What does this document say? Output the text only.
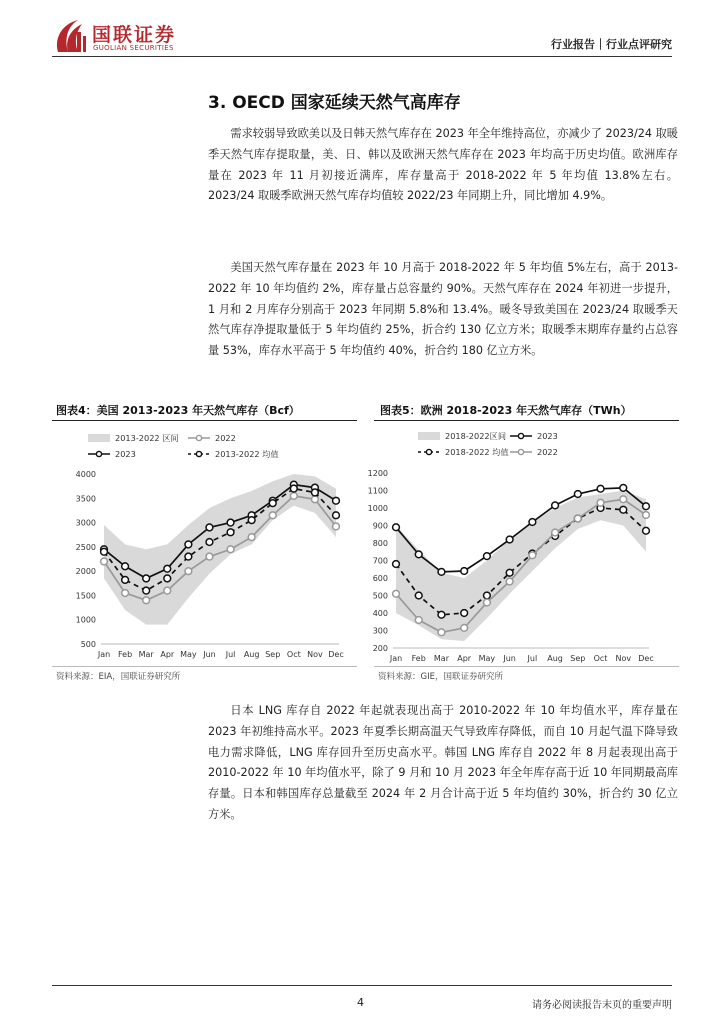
国联证券
GUOLIAN SECURITIES	行业报告｜行业点评研究
3. OECD 国家延续天然气高库存

需求较弱导致欧美以及日韩天然气库存在 2023 年全年维持高位，亦减少了 2023/24 取暖季天然气库存提取量，美、日、韩以及欧洲天然气库存在 2023 年均高于历史均值。欧洲库存量在 2023 年 11 月初接近满库，库存量高于 2018-2022 年 5 年均值 13.8%左右。2023/24 取暖季欧洲天然气库存均值较 2022/23 年同期上升，同比增加 4.9%。

美国天然气库存量在 2023 年 10 月高于 2018-2022 年 5 年均值 5%左右，高于 2013-2022 年 10 年均值约 2%，库存量占总容量约 90%。天然气库存在 2024 年初进一步提升，1 月和 2 月库存分别高于 2023 年同期 5.8%和 13.4%。暖冬导致美国在 2023/24 取暖季天然气库存净提取量低于 5 年均值约 25%，折合约 130 亿立方米；取暖季末期库存量约占总容量 53%，库存水平高于 5 年均值约 40%，折合约 180 亿立方米。

图表4：美国 2013-2023 年天然气库存（Bcf）	图表5：欧洲 2018-2023 年天然气库存（TWh）
2013-2022 区间	2022
2023	2013-2022 均值
500
1000
1500
2000
2500
3000
3500
4000
Jan Feb Mar Apr May Jun Jul Aug Sep Oct Nov Dec
2018-2022区间	2023
2018-2022 均值	2022
200
300
400
500
600
700
800
900
1000
1100
1200
Jan Feb Mar Apr May Jun Jul Aug Sep Oct Nov Dec
资料来源：EIA，国联证券研究所	资料来源：GIE，国联证券研究所

日本 LNG 库存自 2022 年起就表现出高于 2010-2022 年 10 年均值水平，库存量在 2023 年初维持高水平。2023 年夏季长期高温天气导致库存降低，而自 10 月起气温下降导致电力需求降低，LNG 库存回升至历史高水平。韩国 LNG 库存自 2022 年 8 月起表现出高于 2010-2022 年 10 年均值水平，除了 9 月和 10 月 2023 年全年库存高于近 10 年同期最高库存量。日本和韩国库存总量截至 2024 年 2 月合计高于近 5 年均值约 30%，折合约 30 亿立方米。

4	请务必阅读报告末页的重要声明
